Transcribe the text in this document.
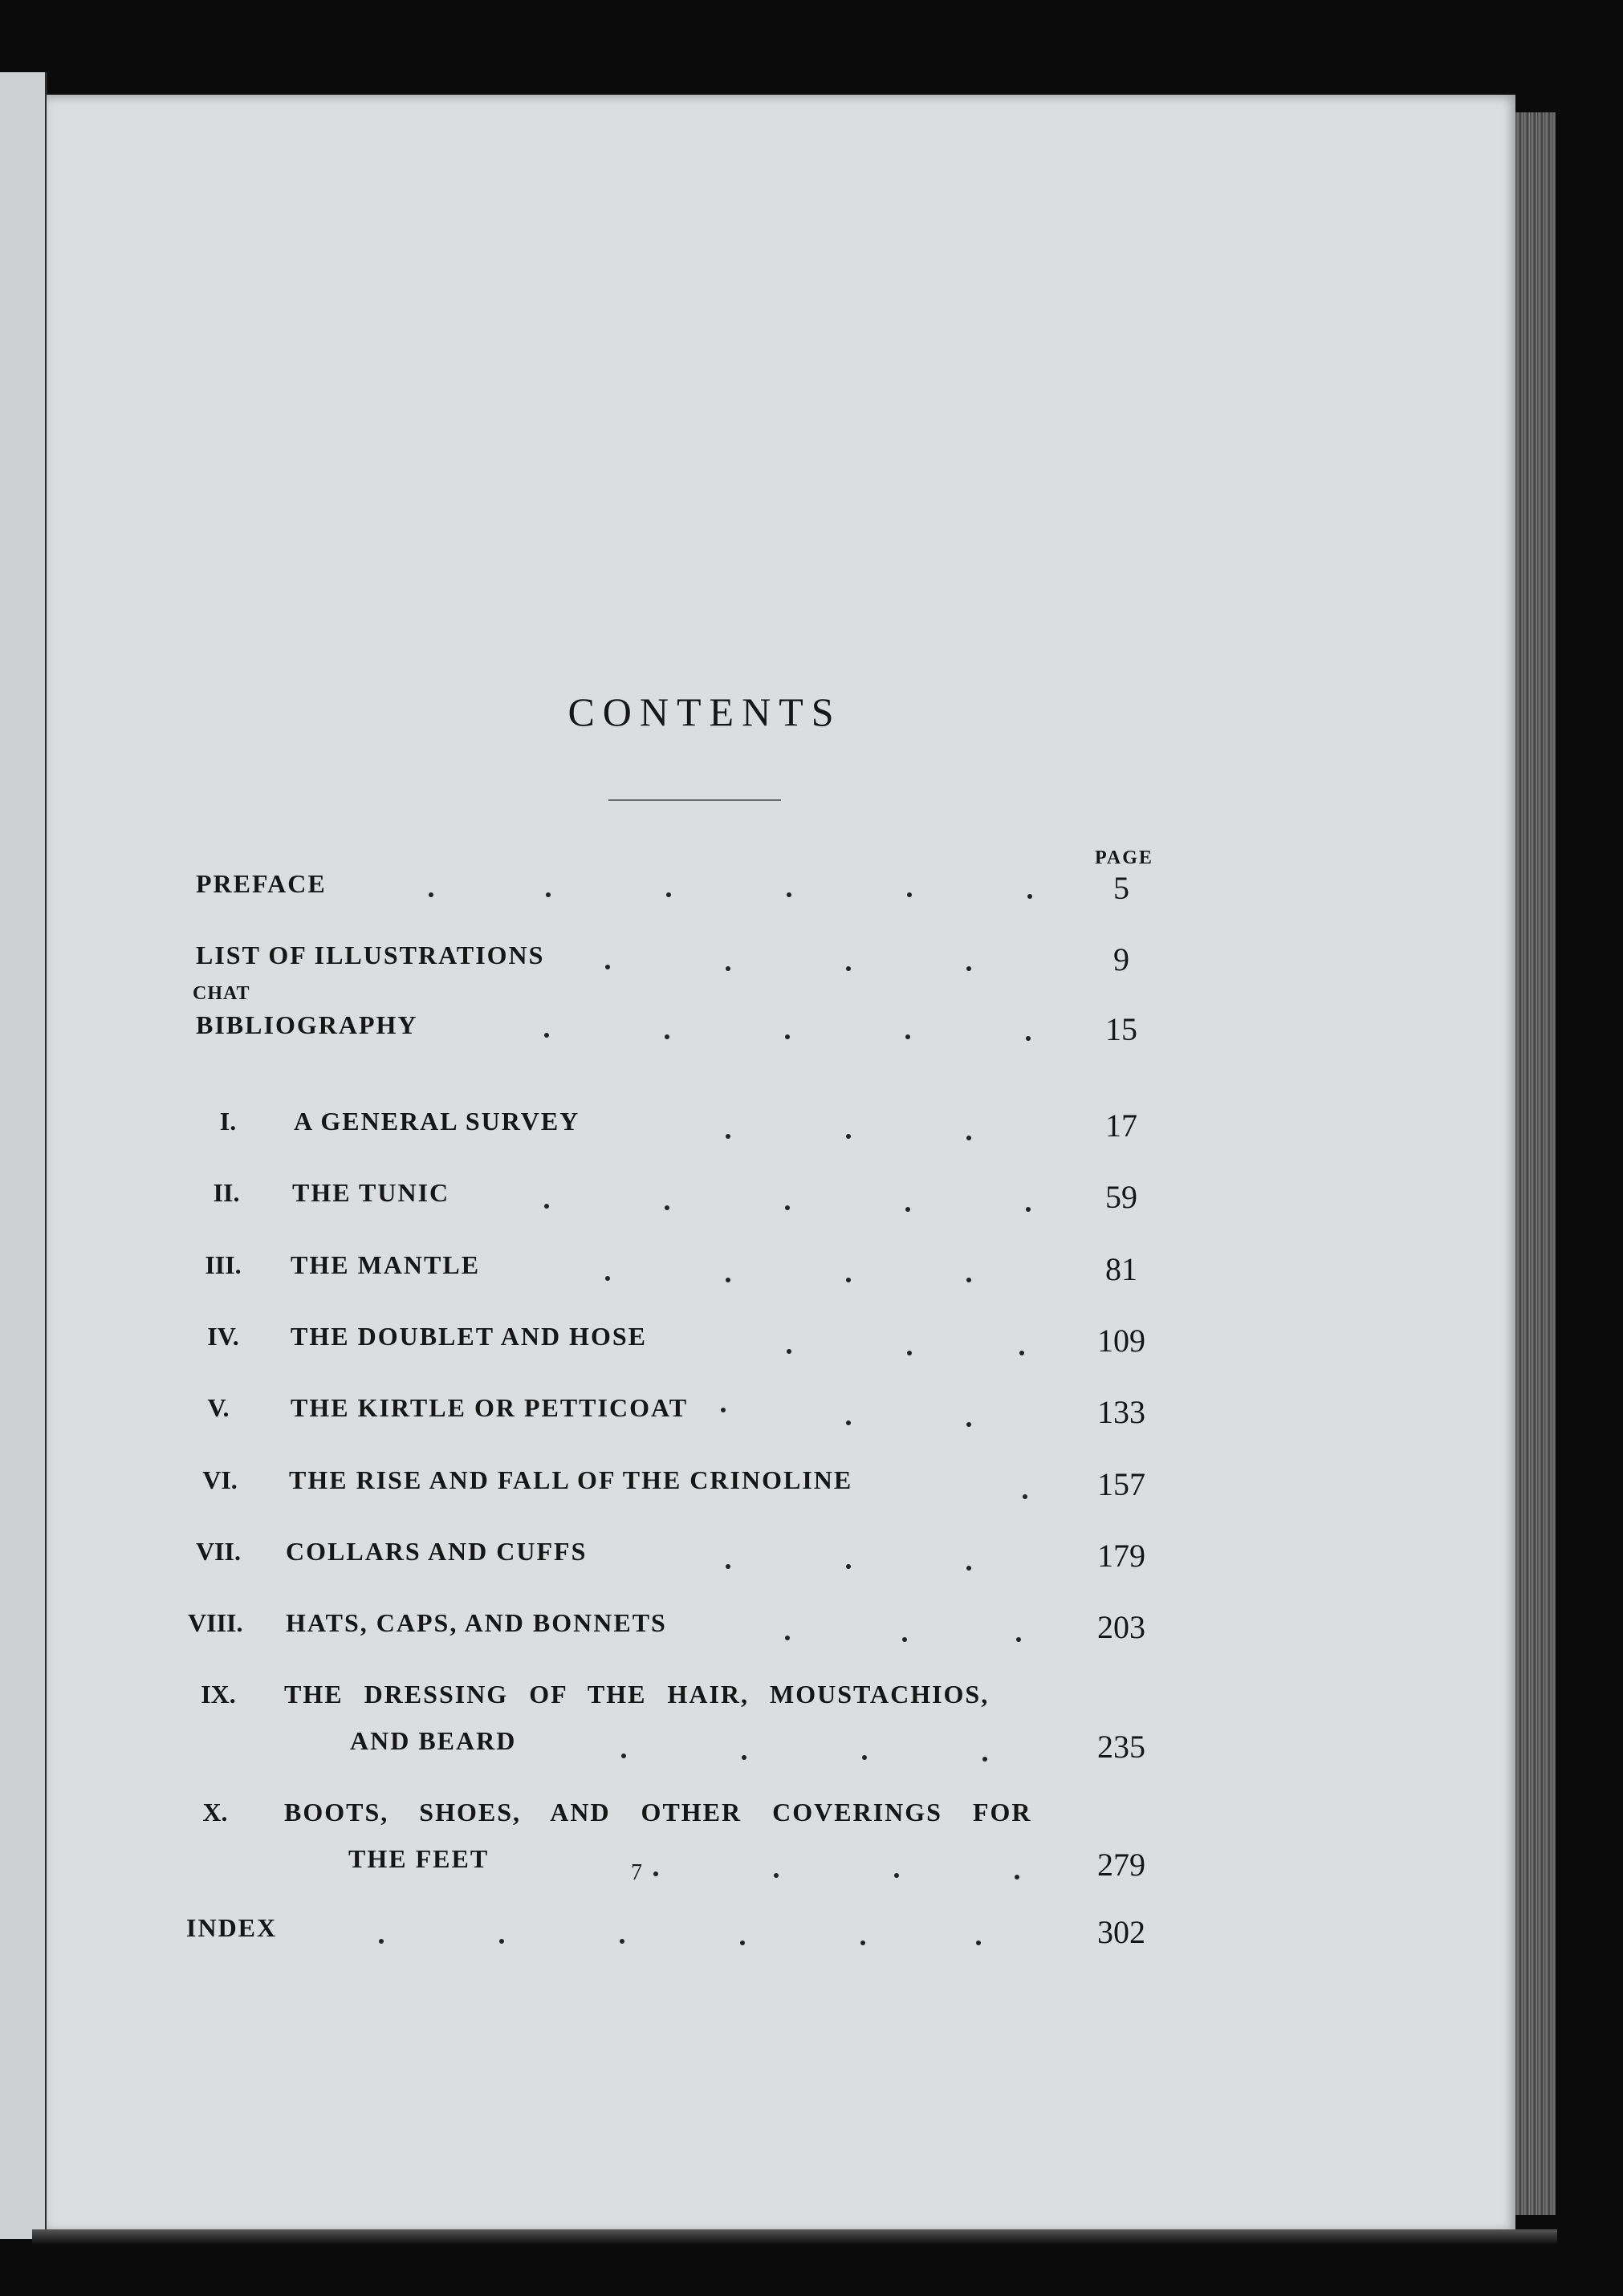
CONTENTS
PAGE
PREFACE	5
LIST OF ILLUSTRATIONS	9
BIBLIOGRAPHY	15
CHAT
I.	A GENERAL SURVEY	17
II.	THE TUNIC	59
III. THE MANTLE	81
IV.	THE DOUBLET AND HOSE	109
V.	THE KIRTLE OR PETTICOAT	133
VI. THE RISE AND FALL OF THE CRINOLINE	157
VII. COLLARS AND CUFFS	179
VIII. HATS, CAPS, AND BONNETS	203
IX. THE DRESSING OF THE HAIR, MOUSTACHIOS,
AND BEARD	235
X.	BOOTS, SHOES, AND OTHER COVERINGS FOR
THE FEET	279
INDEX	302
7
